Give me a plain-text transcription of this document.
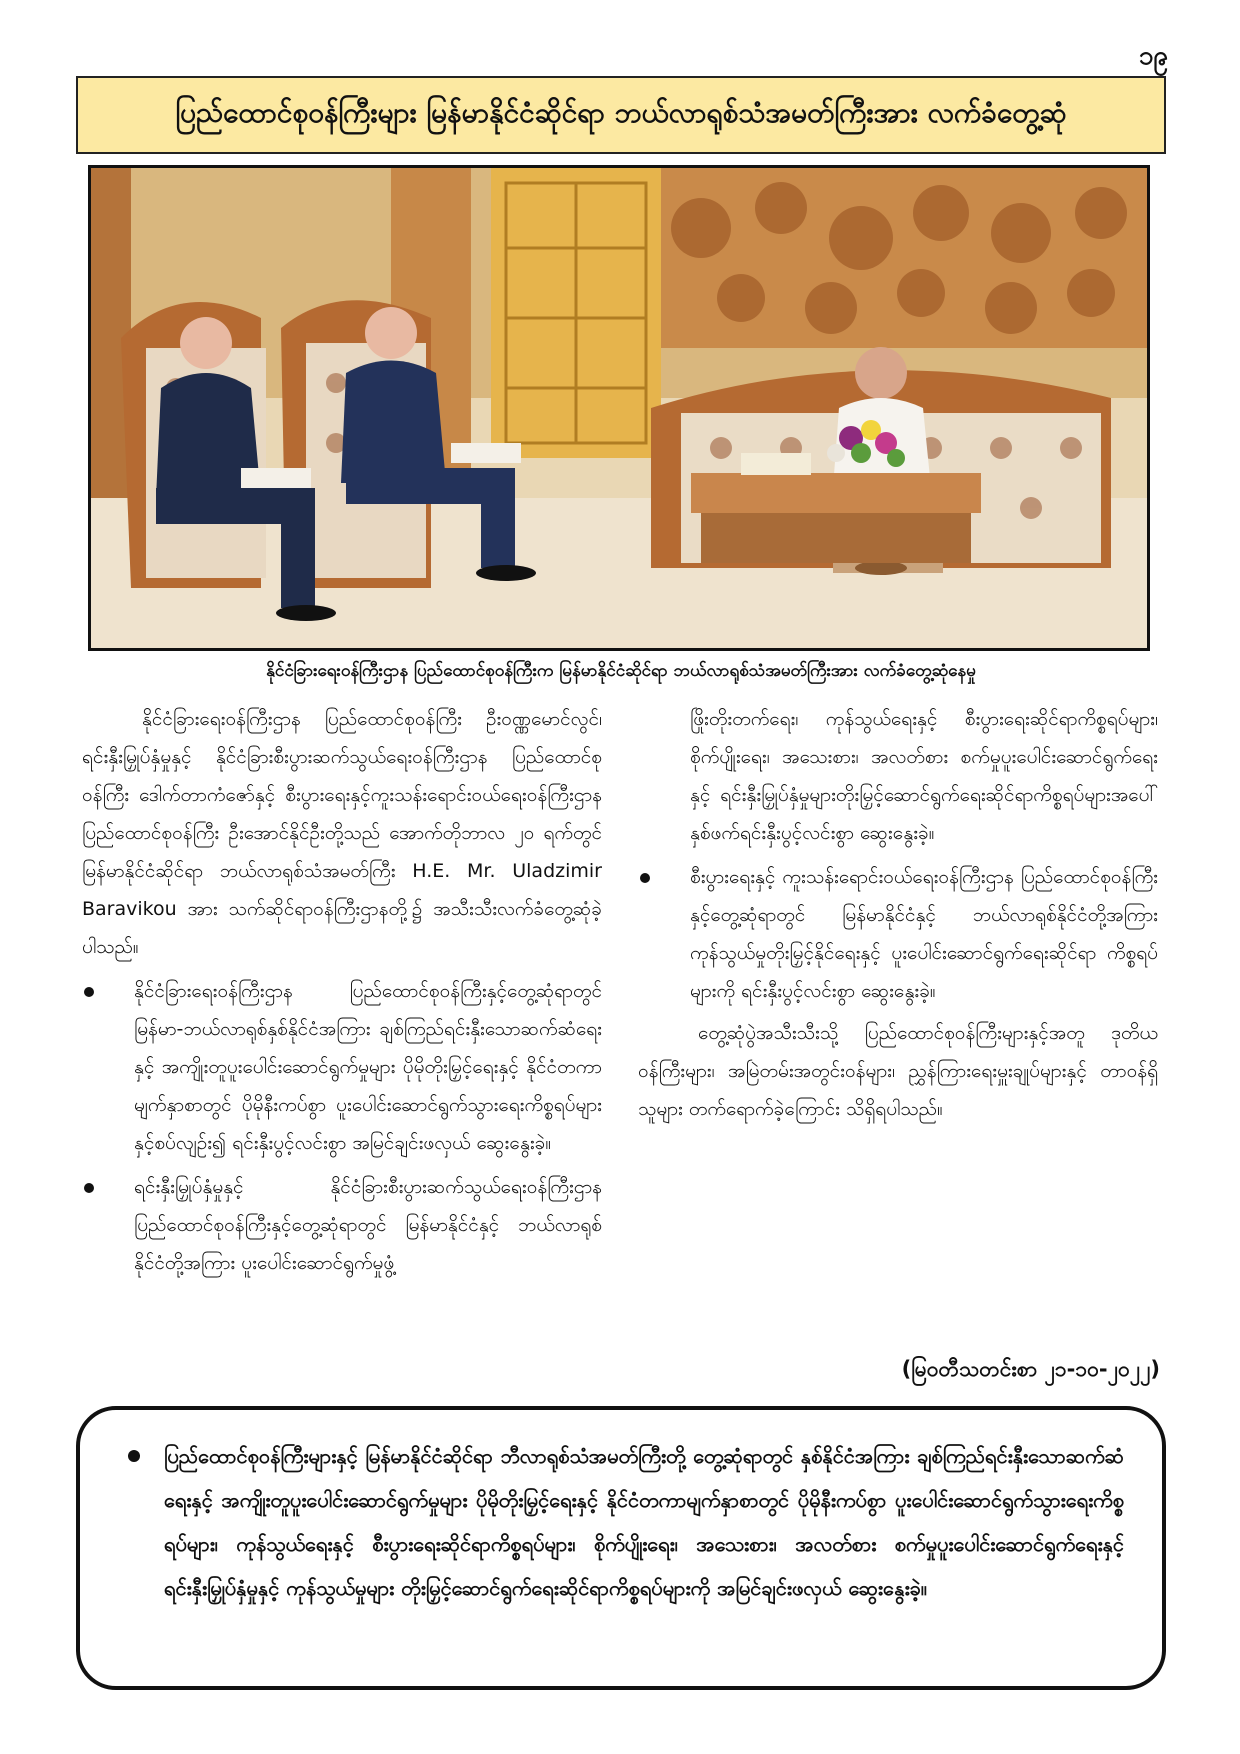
၁၉
ပြည်ထောင်စုဝန်ကြီးများ မြန်မာနိုင်ငံဆိုင်ရာ ဘယ်လာရုစ်သံအမတ်ကြီးအား လက်ခံတွေ့ဆုံ
နိုင်ငံခြားရေးဝန်ကြီးဌာန ပြည်ထောင်စုဝန်ကြီးက မြန်မာနိုင်ငံဆိုင်ရာ ဘယ်လာရုစ်သံအမတ်ကြီးအား လက်ခံတွေ့ဆုံနေမှု

နိုင်ငံခြားရေးဝန်ကြီးဌာန ပြည်ထောင်စုဝန်ကြီး ဦးဝဏ္ဏမောင်လွင်၊ ရင်းနှီးမြှုပ်နှံမှုနှင့် နိုင်ငံခြားစီးပွားဆက်သွယ်ရေးဝန်ကြီးဌာန ပြည်ထောင်စုဝန်ကြီး ဒေါက်တာကံဇော်နှင့် စီးပွားရေးနှင့်ကူးသန်းရောင်းဝယ်ရေးဝန်ကြီးဌာန ပြည်ထောင်စုဝန်ကြီး ဦးအောင်နိုင်ဦးတို့သည် အောက်တိုဘာလ ၂၀ ရက်တွင် မြန်မာနိုင်ငံဆိုင်ရာ ဘယ်လာရုစ်သံအမတ်ကြီး H.E. Mr. Uladzimir Baravikou အား သက်ဆိုင်ရာဝန်ကြီးဌာနတို့၌ အသီးသီးလက်ခံတွေ့ဆုံခဲ့ပါသည်။

နိုင်ငံခြားရေးဝန်ကြီးဌာန ပြည်ထောင်စုဝန်ကြီးနှင့်တွေ့ဆုံရာတွင် မြန်မာ-ဘယ်လာရုစ်နှစ်နိုင်ငံအကြား ချစ်ကြည်ရင်းနှီးသောဆက်ဆံရေးနှင့် အကျိုးတူပူးပေါင်းဆောင်ရွက်မှုများ ပိုမိုတိုးမြှင့်ရေးနှင့် နိုင်ငံတကာမျက်နှာစာတွင် ပိုမိုနီးကပ်စွာ ပူးပေါင်းဆောင်ရွက်သွားရေးကိစ္စရပ်များနှင့်စပ်လျဉ်း၍ ရင်းနှီးပွင့်လင်းစွာ အမြင်ချင်းဖလှယ် ဆွေးနွေးခဲ့။

ရင်းနှီးမြှုပ်နှံမှုနှင့် နိုင်ငံခြားစီးပွားဆက်သွယ်ရေးဝန်ကြီးဌာန ပြည်ထောင်စုဝန်ကြီးနှင့်တွေ့ဆုံရာတွင် မြန်မာနိုင်ငံနှင့် ဘယ်လာရုစ်နိုင်ငံတို့အကြား ပူးပေါင်းဆောင်ရွက်မှုဖွံ့

ဖြိုးတိုးတက်ရေး၊ ကုန်သွယ်ရေးနှင့် စီးပွားရေးဆိုင်ရာကိစ္စရပ်များ၊ စိုက်ပျိုးရေး၊ အသေးစား၊ အလတ်စား စက်မှုပူးပေါင်းဆောင်ရွက်ရေးနှင့် ရင်းနှီးမြှုပ်နှံမှုများတိုးမြှင့်ဆောင်ရွက်ရေးဆိုင်ရာကိစ္စရပ်များအပေါ် နှစ်ဖက်ရင်းနှီးပွင့်လင်းစွာ ဆွေးနွေးခဲ့။

စီးပွားရေးနှင့် ကူးသန်းရောင်းဝယ်ရေးဝန်ကြီးဌာန ပြည်ထောင်စုဝန်ကြီးနှင့်တွေ့ဆုံရာတွင် မြန်မာနိုင်ငံနှင့် ဘယ်လာရုစ်နိုင်ငံတို့အကြား ကုန်သွယ်မှုတိုးမြှင့်နိုင်ရေးနှင့် ပူးပေါင်းဆောင်ရွက်ရေးဆိုင်ရာ ကိစ္စရပ်များကို ရင်းနှီးပွင့်လင်းစွာ ဆွေးနွေးခဲ့။

တွေ့ဆုံပွဲအသီးသီးသို့ ပြည်ထောင်စုဝန်ကြီးများနှင့်အတူ ဒုတိယဝန်ကြီးများ၊ အမြဲတမ်းအတွင်းဝန်များ၊ ညွှန်ကြားရေးမှူးချုပ်များနှင့် တာဝန်ရှိသူများ တက်ရောက်ခဲ့ကြောင်း သိရှိရပါသည်။

(မြဝတီသတင်းစာ ၂၁-၁၀-၂၀၂၂)
ပြည်ထောင်စုဝန်ကြီးများနှင့် မြန်မာနိုင်ငံဆိုင်ရာ ဘီလာရုစ်သံအမတ်ကြီးတို့ တွေ့ဆုံရာတွင် နှစ်နိုင်ငံအကြား ချစ်ကြည်ရင်းနှီးသောဆက်ဆံရေးနှင့် အကျိုးတူပူးပေါင်းဆောင်ရွက်မှုများ ပိုမိုတိုးမြှင့်ရေးနှင့် နိုင်ငံတကာမျက်နှာစာတွင် ပိုမိုနီးကပ်စွာ ပူးပေါင်းဆောင်ရွက်သွားရေးကိစ္စရပ်များ၊ ကုန်သွယ်ရေးနှင့် စီးပွားရေးဆိုင်ရာကိစ္စရပ်များ၊ စိုက်ပျိုးရေး၊ အသေးစား၊ အလတ်စား စက်မှုပူးပေါင်းဆောင်ရွက်ရေးနှင့် ရင်းနှီးမြှုပ်နှံမှုနှင့် ကုန်သွယ်မှုများ တိုးမြှင့်ဆောင်ရွက်ရေးဆိုင်ရာကိစ္စရပ်များကို အမြင်ချင်းဖလှယ် ဆွေးနွေးခဲ့။
